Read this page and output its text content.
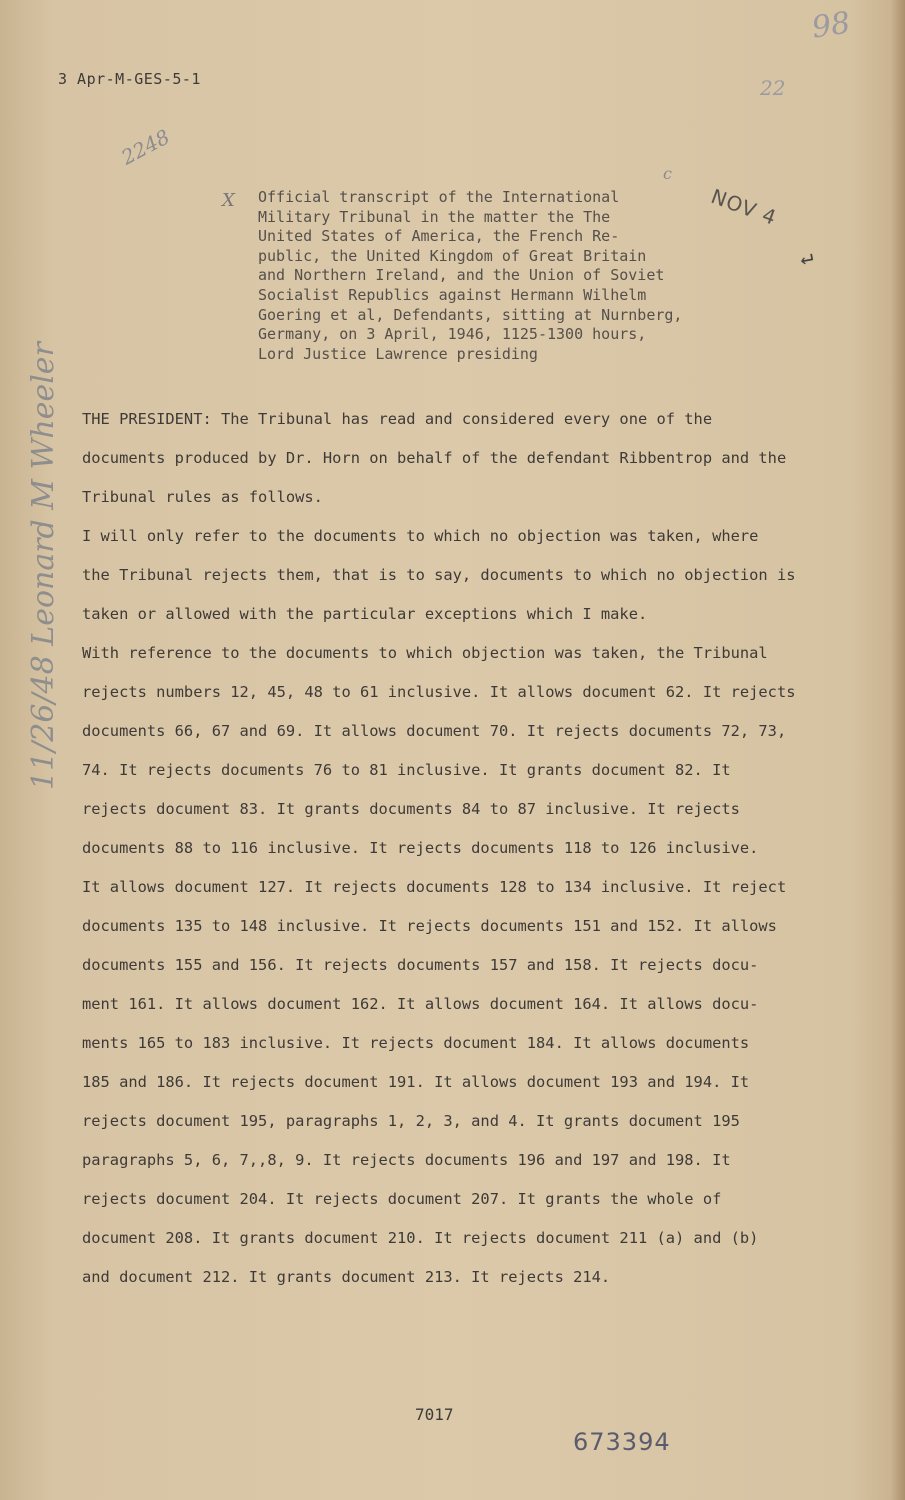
3 Apr-M-GES-5-1
98
22
2248
c
X	NOV 4
↵
11/26/48 Leonard M Wheeler
Official transcript of the International
Military Tribunal in the matter the The
United States of America, the French Re-
public, the United Kingdom of Great Britain
and Northern Ireland, and the Union of Soviet
Socialist Republics against Hermann Wilhelm
Goering et al, Defendants, sitting at Nurnberg,
Germany, on 3 April, 1946, 1125-1300 hours,
Lord Justice Lawrence presiding
THE PRESIDENT: The Tribunal has read and considered every one of the
documents produced by Dr. Horn on behalf of the defendant Ribbentrop and the
Tribunal rules as follows.
I will only refer to the documents to which no objection was taken, where
the Tribunal rejects them, that is to say, documents to which no objection is
taken or allowed with the particular exceptions which I make.
With reference to the documents to which objection was taken, the Tribunal
rejects numbers 12, 45, 48 to 61 inclusive. It allows document 62. It rejects
documents 66, 67 and 69. It allows document 70. It rejects documents 72, 73,
74. It rejects documents 76 to 81 inclusive. It grants document 82. It
rejects document 83. It grants documents 84 to 87 inclusive. It rejects
documents 88 to 116 inclusive. It rejects documents 118 to 126 inclusive.
It allows document 127. It rejects documents 128 to 134 inclusive. It reject
documents 135 to 148 inclusive. It rejects documents 151 and 152. It allows
documents 155 and 156. It rejects documents 157 and 158. It rejects docu-
ment 161. It allows document 162. It allows document 164. It allows docu-
ments 165 to 183 inclusive. It rejects document 184. It allows documents
185 and 186. It rejects document 191. It allows document 193 and 194. It
rejects document 195, paragraphs 1, 2, 3, and 4. It grants document 195
paragraphs 5, 6, 7,,8, 9. It rejects documents 196 and 197 and 198. It
rejects document 204. It rejects document 207. It grants the whole of
document 208. It grants document 210. It rejects document 211 (a) and (b)
and document 212. It grants document 213. It rejects 214.
7017
673394
